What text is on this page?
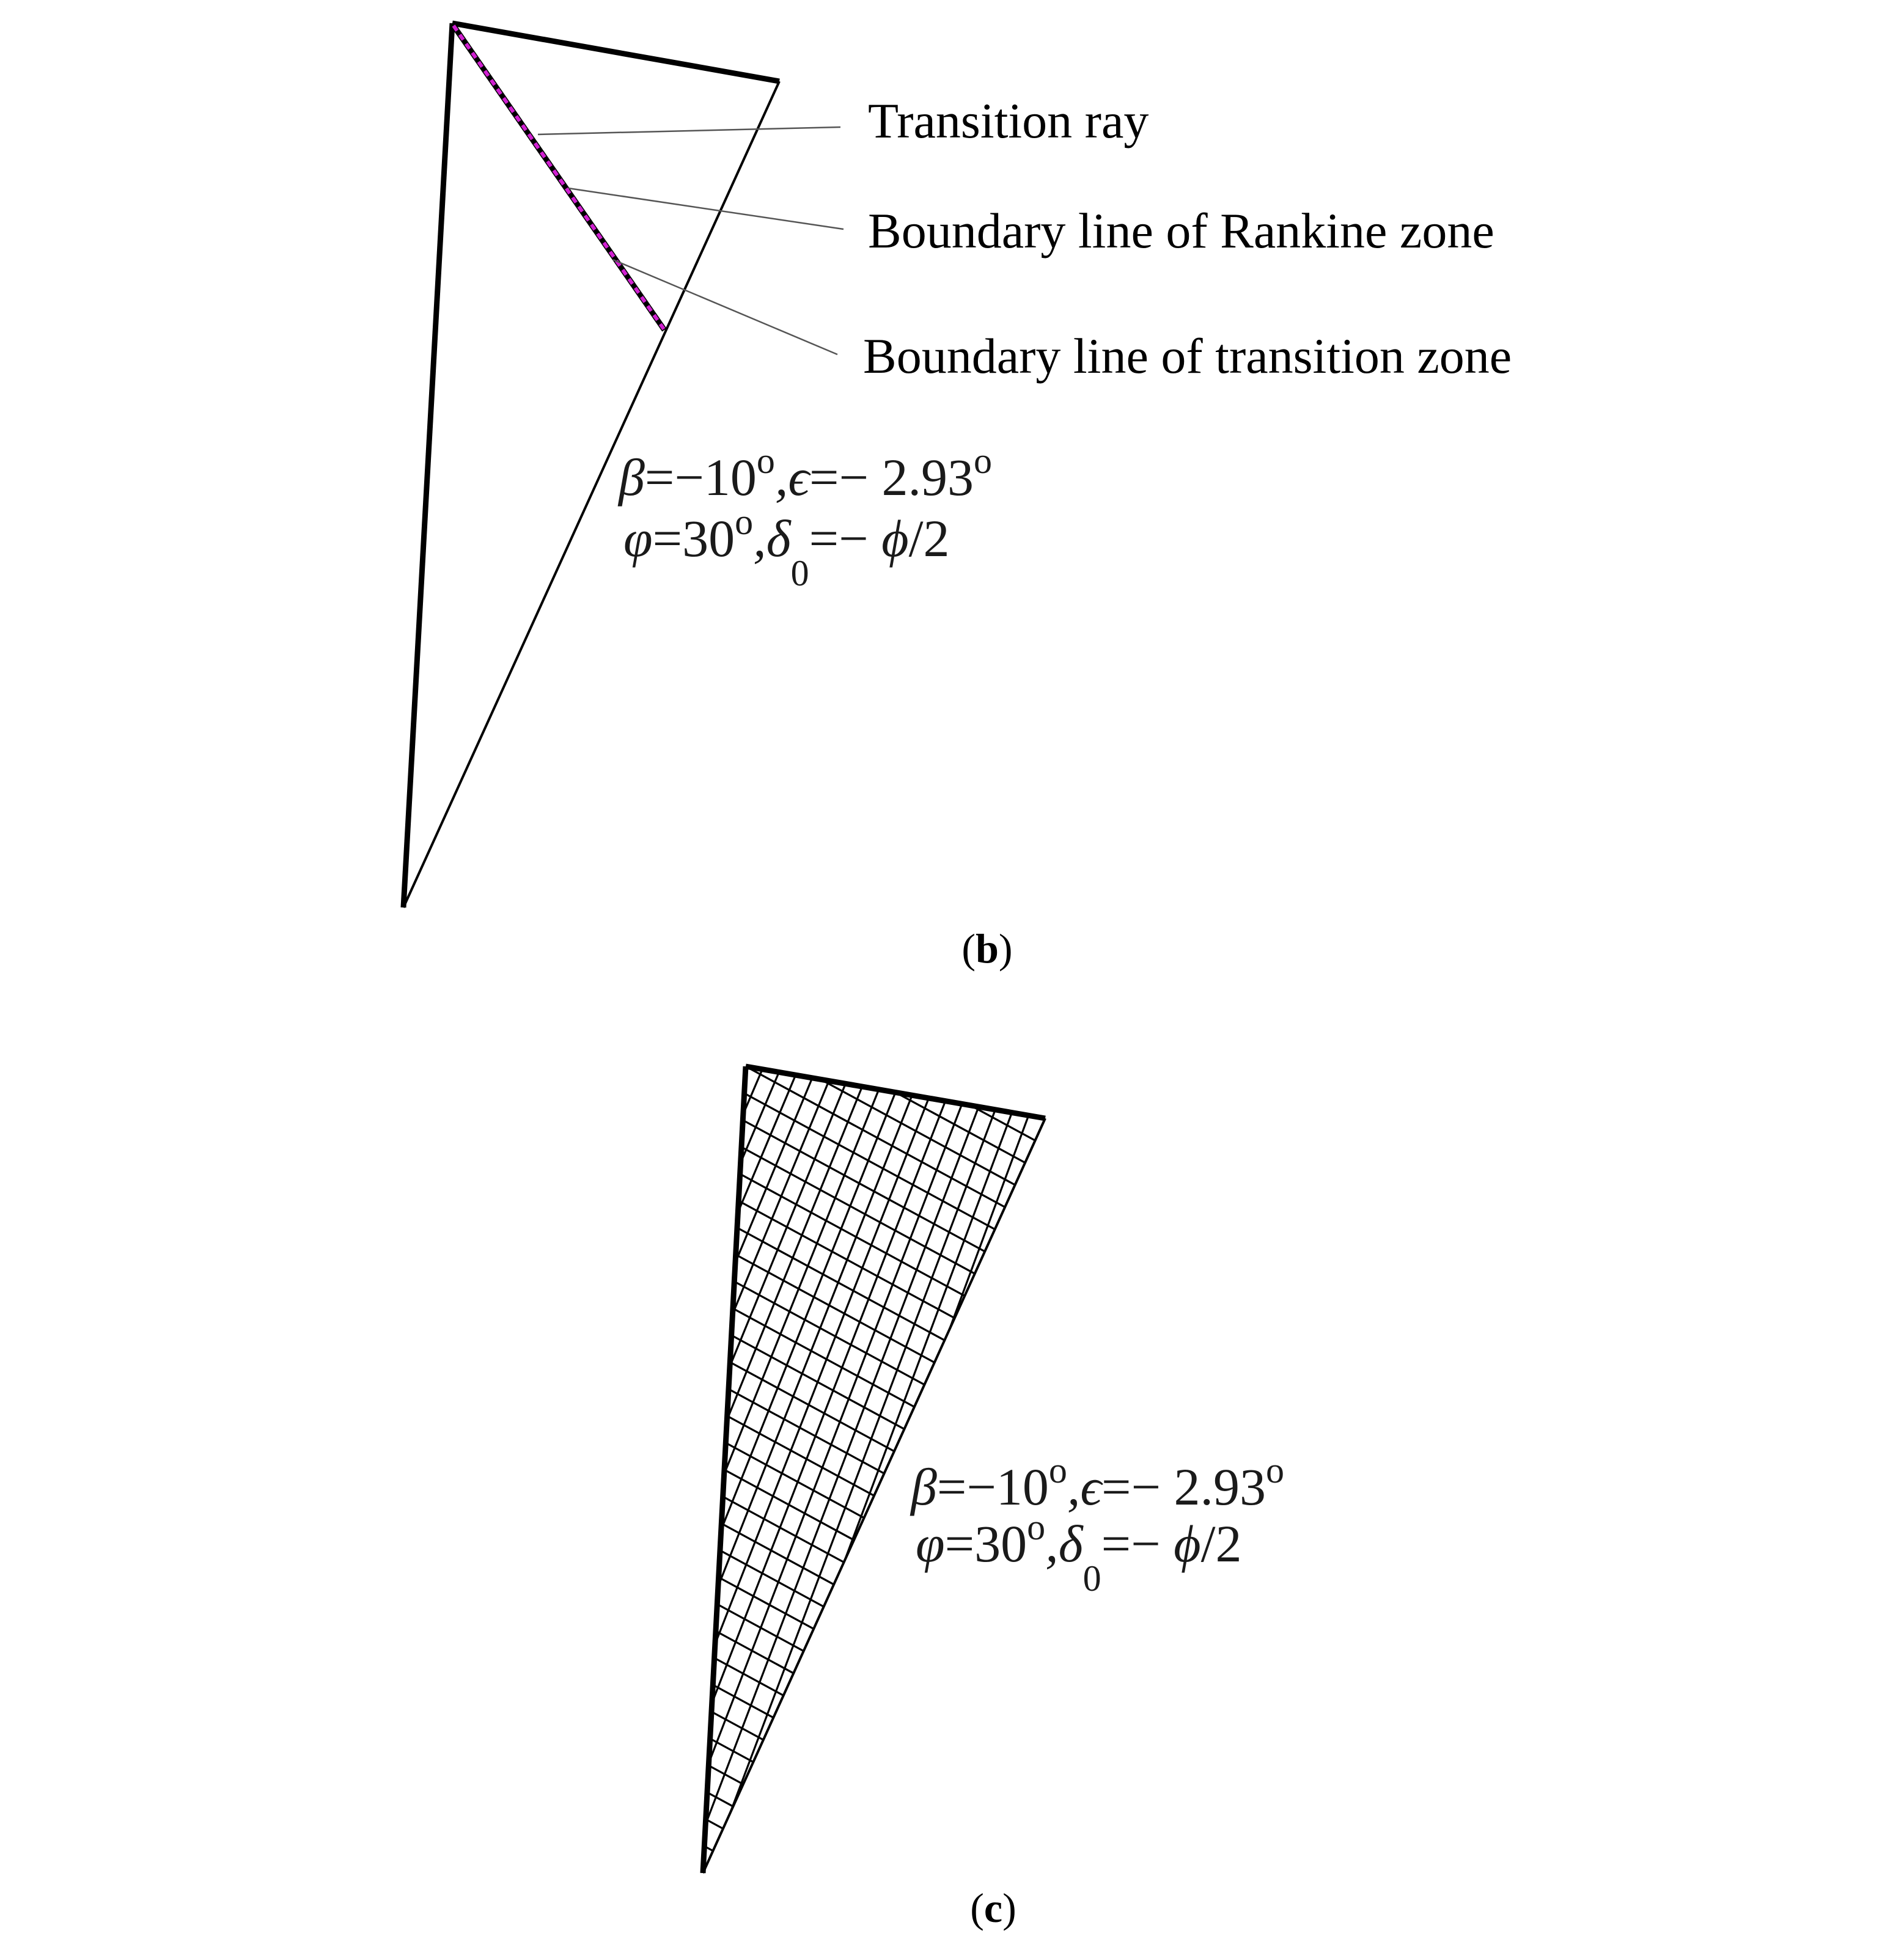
Transition ray
Boundary line of Rankine zone
Boundary line of transition zone
$\beta=-10^o,\epsilon=- 2.93^o$
$\varphi=30^o,\delta_0=- \phi/2$
(b)
$\beta=-10^o,\epsilon=- 2.93^o$
$\varphi=30^o,\delta_0=- \phi/2$
(c)
